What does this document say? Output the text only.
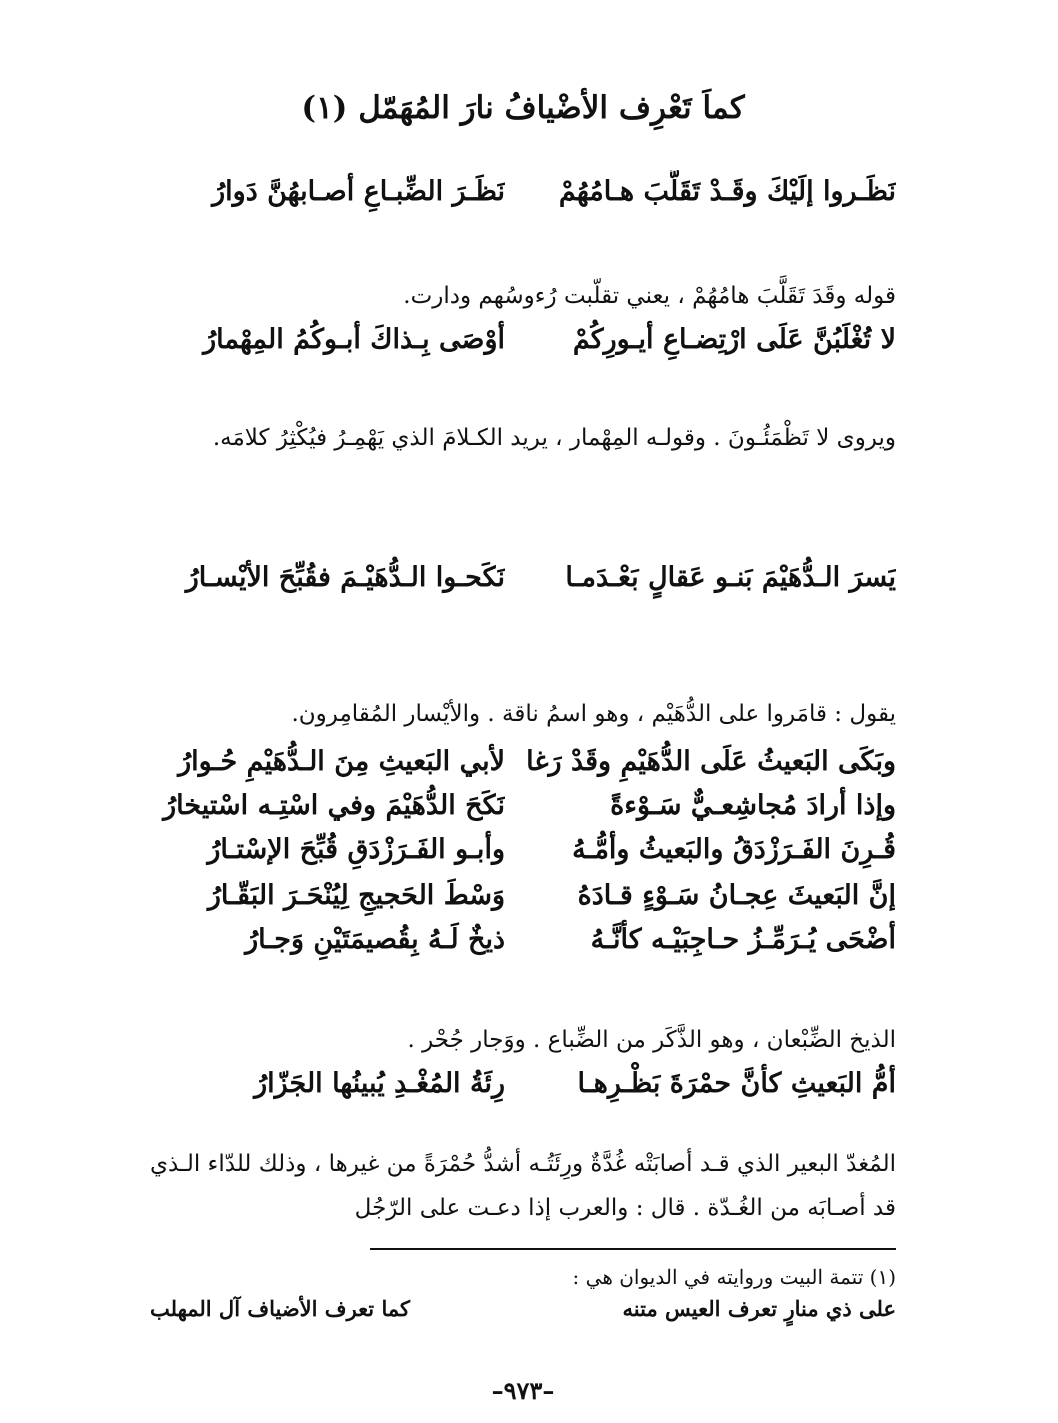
كماَ تَعْرِف الأضْيافُ نارَ المُهَمّل (١)
نَظَـروا إلَيْكَ وقَـدْ تَقَلَّبَ هـامُهُمْ
نَظَـرَ الضِّبـاعِ أصـابهُنَّ دَوارُ
قوله وقَدَ تَقَلَّبَ هامُهُمْ ، يعني تقلّبت رُءوسُهم ودارت.
لا تُغْلَبُنَّ عَلَى ارْتِضـاعِ أيـورِكُمْ
أوْصَى بِـذاكَ أبـوكُمُ المِهْمارُ
ويروى لا تَظْمَئُـونَ . وقولـه المِهْمار ، يريد الكـلامَ الذي يَهْمِـرُ فيُكْثِرُ كلامَه.
يَسرَ الـدُّهَيْمَ بَنـو عَقالٍ بَعْـدَمـا
نَكَحـوا الـدُّهَيْـمَ فقُبِّحَ الأيْسـارُ
يقول : قامَروا على الدُّهَيْم ، وهو اسمُ ناقة . والأيْسار المُقامِرون.
وبَكَى البَعيثُ عَلَى الدُّهَيْمِ وقَدْ رَغا
لأبي البَعيثِ مِنَ الـدُّهَيْمِ حُـوارُ
وإذا أرادَ مُجاشِعـيٌّ سَـوْءةً
نَكَحَ الدُّهَيْمَ وفي اسْتِـه اسْتيخارُ
قُـرِنَ الفَـرَزْدَقُ والبَعيثُ وأمُّـهُ
وأبـو الفَـرَزْدَقِ قُبِّحَ الإسْتـارُ
إنَّ البَعيثَ عِجـانُ سَـوْءٍ قـادَهُ
وَسْطَ الحَجيجِ لِيُنْحَـرَ البَقّـارُ
أضْحَى يُـرَمِّـزُ حـاجِبَيْـه كأنَّـهُ
ذيخٌ لَـهُ بِقُصيمَتَيْنِ وَجـارُ
الذيخ الضِّبْعان ، وهو الذَّكَر من الضِّباع . ووَجار جُحْر .
أمُّ البَعيثِ كأنَّ حمْرَةَ بَظْـرِهـا
رِئَةُ المُغْـدِ يُبينُها الجَزّارُ
المُغدّ البعير الذي قـد أصابَتْه غُدَّةٌ ورِئَتُـه أشدُّ حُمْرَةً من غيرها ، وذلك للدّاء الـذي قد أصـابَه من الغُـدّة . قال : والعرب إذا دعـت على الرّجُل
(١) تتمة البيت وروايته في الديوان هي :
على ذي منارٍ تعرف العيس متنه
كما تعرف الأضياف آل المهلب
–٩٧٣–
